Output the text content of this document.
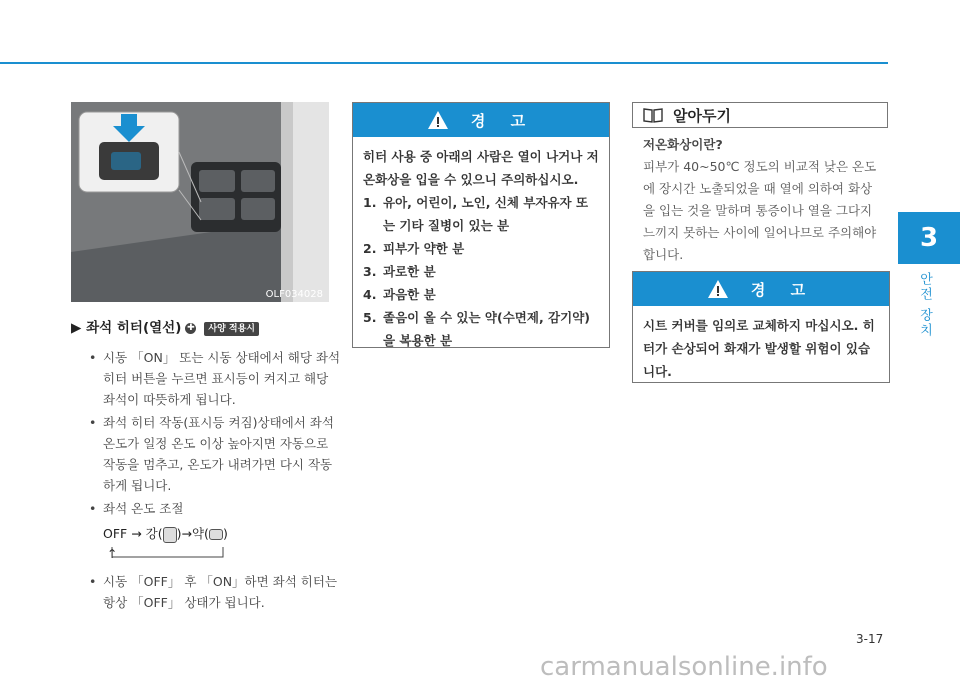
3
안전 장치
OLF034028
▶ 좌석 히터(열선) ✚	사양 적용시
• 시동 「ON」 또는 시동 상태에서 해당 좌석 히터 버튼을 누르면 표시등이 켜지고 해당 좌석이 따뜻하게 됩니다.
• 좌석 히터 작동(표시등 켜짐)상태에서 좌석 온도가 일정 온도 이상 높아지면 자동으로 작동을 멈추고, 온도가 내려가면 다시 작동하게 됩니다.
• 좌석 온도 조절
OFF → 강( )→약( )
↑
• 시동 「OFF」 후 「ON」하면 좌석 히터는 항상 「OFF」 상태가 됩니다.
경 고
히터 사용 중 아래의 사람은 열이 나거나 저온화상을 입을 수 있으니 주의하십시오.
1. 유아, 어린이, 노인, 신체 부자유자 또는 기타 질병이 있는 분
2. 피부가 약한 분
3. 과로한 분
4. 과음한 분
5. 졸음이 올 수 있는 약(수면제, 감기약)을 복용한 분
알아두기
저온화상이란?
피부가 40~50℃ 정도의 비교적 낮은 온도에 장시간 노출되었을 때 열에 의하여 화상을 입는 것을 말하며 통증이나 열을 그다지 느끼지 못하는 사이에 일어나므로 주의해야 합니다.
경 고
시트 커버를 임의로 교체하지 마십시오. 히터가 손상되어 화재가 발생할 위험이 있습니다.
3-17
carmanualsonline.info
